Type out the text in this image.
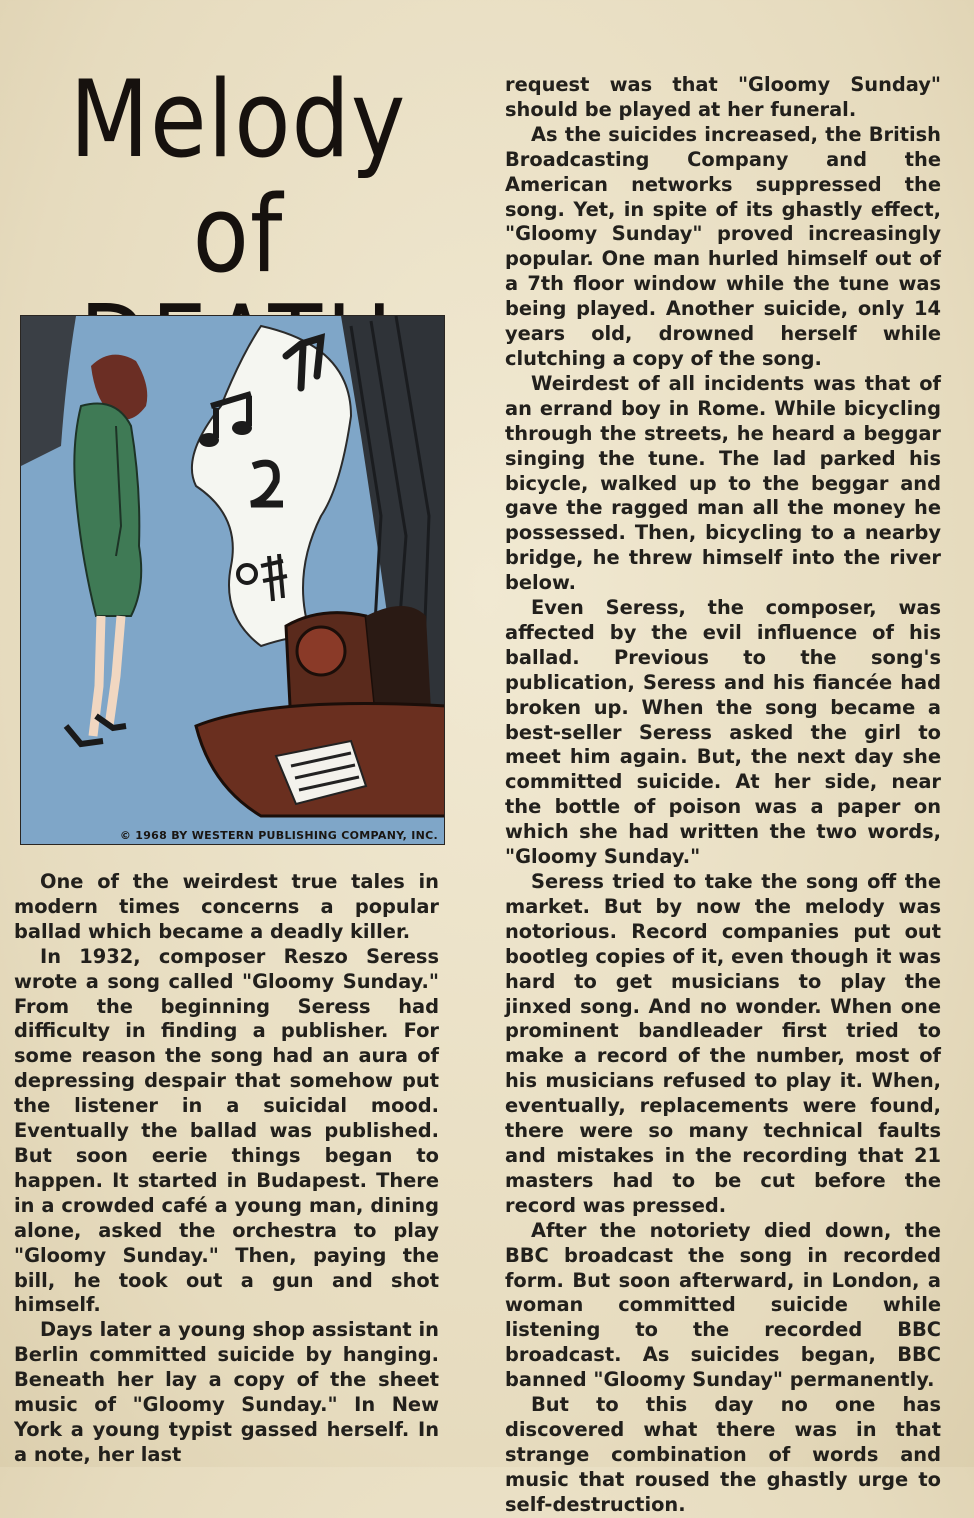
Melody of
© 1968 BY WESTERN PUBLISHING COMPANY, INC.

One of the weirdest true tales in modern times concerns a popular ballad which became a deadly killer.

In 1932, composer Reszo Seress wrote a song called "Gloomy Sunday." From the beginning Seress had difficulty in finding a publisher. For some reason the song had an aura of depressing despair that somehow put the listener in a suicidal mood. Eventually the ballad was published. But soon eerie things began to happen. It started in Budapest. There in a crowded café a young man, dining alone, asked the orchestra to play "Gloomy Sunday." Then, paying the bill, he took out a gun and shot himself.

Days later a young shop assistant in Berlin committed suicide by hanging. Beneath her lay a copy of the sheet music of "Gloomy Sunday." In New York a young typist gassed herself. In a note, her last

request was that "Gloomy Sunday" should be played at her funeral.

As the suicides increased, the British Broadcasting Company and the American networks suppressed the song. Yet, in spite of its ghastly effect, "Gloomy Sunday" proved increasingly popular. One man hurled himself out of a 7th floor window while the tune was being played. Another suicide, only 14 years old, drowned herself while clutching a copy of the song.

Weirdest of all incidents was that of an errand boy in Rome. While bicycling through the streets, he heard a beggar singing the tune. The lad parked his bicycle, walked up to the beggar and gave the ragged man all the money he possessed. Then, bicycling to a nearby bridge, he threw himself into the river below.

Even Seress, the composer, was affected by the evil influence of his ballad. Previous to the song's publication, Seress and his fiancée had broken up. When the song became a best-seller Seress asked the girl to meet him again. But, the next day she committed suicide. At her side, near the bottle of poison was a paper on which she had written the two words, "Gloomy Sunday."

Seress tried to take the song off the market. But by now the melody was notorious. Record companies put out bootleg copies of it, even though it was hard to get musicians to play the jinxed song. And no wonder. When one prominent bandleader first tried to make a record of the number, most of his musicians refused to play it. When, eventually, replacements were found, there were so many technical faults and mistakes in the recording that 21 masters had to be cut before the record was pressed.

After the notoriety died down, the BBC broadcast the song in recorded form. But soon afterward, in London, a woman committed suicide while listening to the recorded BBC broadcast. As suicides began, BBC banned "Gloomy Sunday" permanently.

But to this day no one has discovered what there was in that strange combination of words and music that roused the ghastly urge to self-destruction.
